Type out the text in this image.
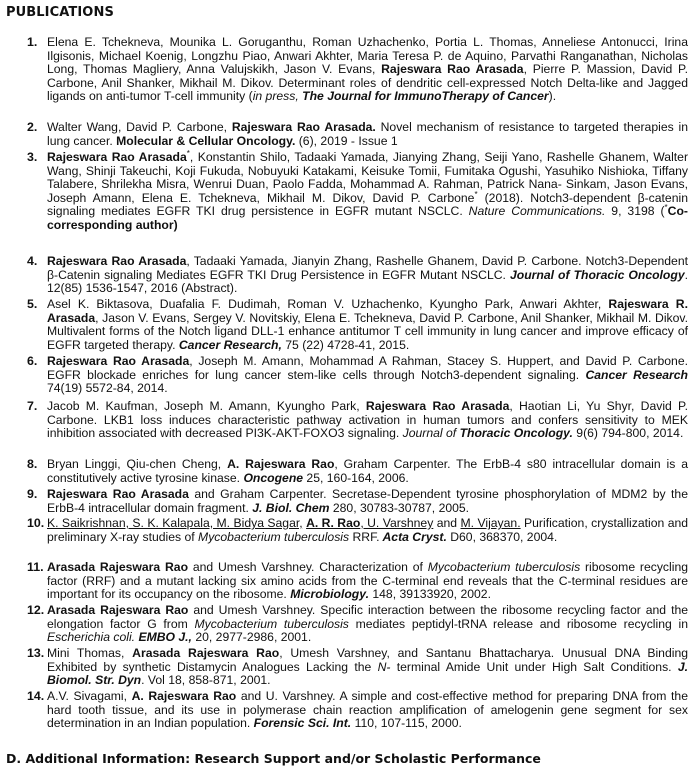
PUBLICATIONS
1. Elena E. Tchekneva, Mounika L. Goruganthu, Roman Uzhachenko, Portia L. Thomas, Anneliese Antonucci, Irina Ilgisonis, Michael Koenig, Longzhu Piao, Anwari Akhter, Maria Teresa P. de Aquino, Parvathi Ranganathan, Nicholas Long, Thomas Magliery, Anna Valujskikh, Jason V. Evans, Rajeswara Rao Arasada, Pierre P. Massion, David P. Carbone, Anil Shanker, Mikhail M. Dikov. Determinant roles of dendritic cell-expressed Notch Delta-like and Jagged ligands on anti-tumor T-cell immunity (in press, The Journal for ImmunoTherapy of Cancer).
2. Walter Wang, David P. Carbone, Rajeswara Rao Arasada. Novel mechanism of resistance to targeted therapies in lung cancer. Molecular & Cellular Oncology. (6), 2019 - Issue 1
3. Rajeswara Rao Arasada*, Konstantin Shilo, Tadaaki Yamada, Jianying Zhang, Seiji Yano, Rashelle Ghanem, Walter Wang, Shinji Takeuchi, Koji Fukuda, Nobuyuki Katakami, Keisuke Tomii, Fumitaka Ogushi, Yasuhiko Nishioka, Tiffany Talabere, Shrilekha Misra, Wenrui Duan, Paolo Fadda, Mohammad A. Rahman, Patrick Nana- Sinkam, Jason Evans, Joseph Amann, Elena E. Tchekneva, Mikhail M. Dikov, David P. Carbone* (2018). Notch3-dependent β-catenin signaling mediates EGFR TKI drug persistence in EGFR mutant NSCLC. Nature Communications. 9, 3198 (*Co-corresponding author)
4. Rajeswara Rao Arasada, Tadaaki Yamada, Jianyin Zhang, Rashelle Ghanem, David P. Carbone. Notch3-Dependent β-Catenin signaling Mediates EGFR TKI Drug Persistence in EGFR Mutant NSCLC. Journal of Thoracic Oncology. 12(85) 1536-1547, 2016 (Abstract).
5. Asel K. Biktasova, Duafalia F. Dudimah, Roman V. Uzhachenko, Kyungho Park, Anwari Akhter, Rajeswara R. Arasada, Jason V. Evans, Sergey V. Novitskiy, Elena E. Tchekneva, David P. Carbone, Anil Shanker, Mikhail M. Dikov. Multivalent forms of the Notch ligand DLL-1 enhance antitumor T cell immunity in lung cancer and improve efficacy of EGFR targeted therapy. Cancer Research, 75 (22) 4728-41, 2015.
6. Rajeswara Rao Arasada, Joseph M. Amann, Mohammad A Rahman, Stacey S. Huppert, and David P. Carbone. EGFR blockade enriches for lung cancer stem-like cells through Notch3-dependent signaling. Cancer Research 74(19) 5572-84, 2014.
7. Jacob M. Kaufman, Joseph M. Amann, Kyungho Park, Rajeswara Rao Arasada, Haotian Li, Yu Shyr, David P. Carbone. LKB1 loss induces characteristic pathway activation in human tumors and confers sensitivity to MEK inhibition associated with decreased PI3K-AKT-FOXO3 signaling. Journal of Thoracic Oncology. 9(6) 794-800, 2014.
8. Bryan Linggi, Qiu-chen Cheng, A. Rajeswara Rao, Graham Carpenter. The ErbB-4 s80 intracellular domain is a constitutively active tyrosine kinase. Oncogene 25, 160-164, 2006.
9. Rajeswara Rao Arasada and Graham Carpenter. Secretase-Dependent tyrosine phosphorylation of MDM2 by the ErbB-4 intracellular domain fragment. J. Biol. Chem 280, 30783-30787, 2005.
10. K. Saikrishnan, S. K. Kalapala, M. Bidya Sagar, A. R. Rao, U. Varshney and M. Vijayan. Purification, crystallization and preliminary X-ray studies of Mycobacterium tuberculosis RRF. Acta Cryst. D60, 368370, 2004.
11. Arasada Rajeswara Rao and Umesh Varshney. Characterization of Mycobacterium tuberculosis ribosome recycling factor (RRF) and a mutant lacking six amino acids from the C-terminal end reveals that the C-terminal residues are important for its occupancy on the ribosome. Microbiology. 148, 39133920, 2002.
12. Arasada Rajeswara Rao and Umesh Varshney. Specific interaction between the ribosome recycling factor and the elongation factor G from Mycobacterium tuberculosis mediates peptidyl-tRNA release and ribosome recycling in Escherichia coli. EMBO J., 20, 2977-2986, 2001.
13. Mini Thomas, Arasada Rajeswara Rao, Umesh Varshney, and Santanu Bhattacharya. Unusual DNA Binding Exhibited by synthetic Distamycin Analogues Lacking the N- terminal Amide Unit under High Salt Conditions. J. Biomol. Str. Dyn. Vol 18, 858-871, 2001.
14. A.V. Sivagami, A. Rajeswara Rao and U. Varshney. A simple and cost-effective method for preparing DNA from the hard tooth tissue, and its use in polymerase chain reaction amplification of amelogenin gene segment for sex determination in an Indian population. Forensic Sci. Int. 110, 107-115, 2000.
D. Additional Information: Research Support and/or Scholastic Performance
